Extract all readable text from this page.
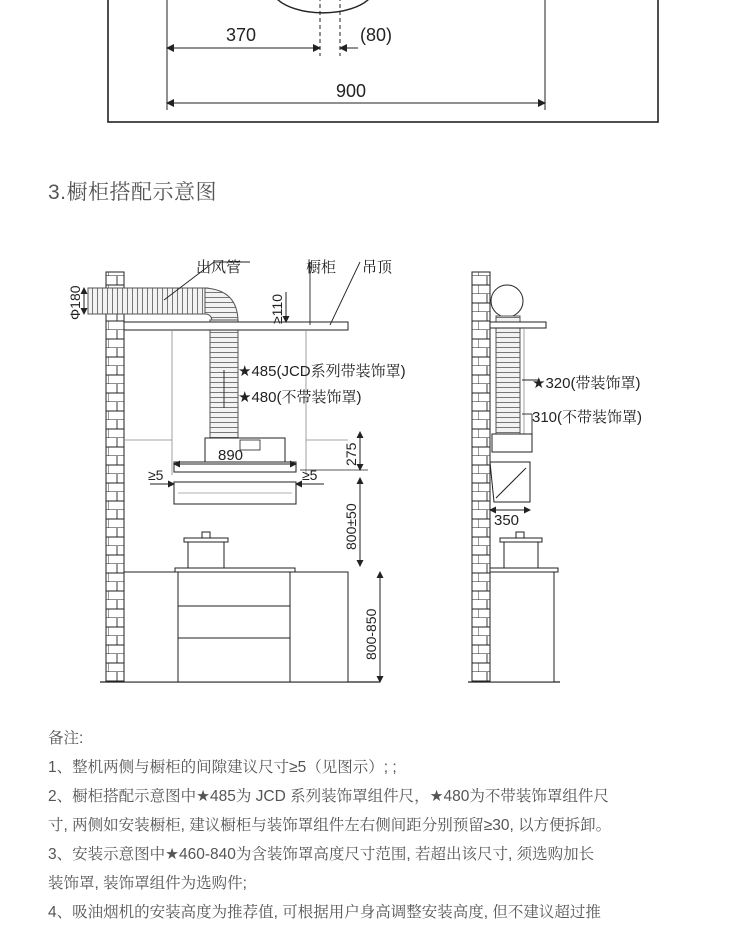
370	(80)
900
3.橱柜搭配示意图
出风管	橱柜 吊顶
Φ180	≥110
★485(JCD系列带装饰罩)
★480(不带装饰罩)
275
890
≥5	≥5
800±50
800-850
★320(带装饰罩)
310(不带装饰罩)
350
备注:
1、整机两侧与橱柜的间隙建议尺寸≥5（见图示）; ;
2、橱柜搭配示意图中★485为 JCD 系列装饰罩组件尺，★480为不带装饰罩组件尺
寸, 两侧如安装橱柜, 建议橱柜与装饰罩组件左右侧间距分别预留≥30, 以方便拆卸。
3、安装示意图中★460-840为含装饰罩高度尺寸范围, 若超出该尺寸, 须选购加长
装饰罩, 装饰罩组件为选购件;
4、吸油烟机的安装高度为推荐值, 可根据用户身高调整安装高度, 但不建议超过推
